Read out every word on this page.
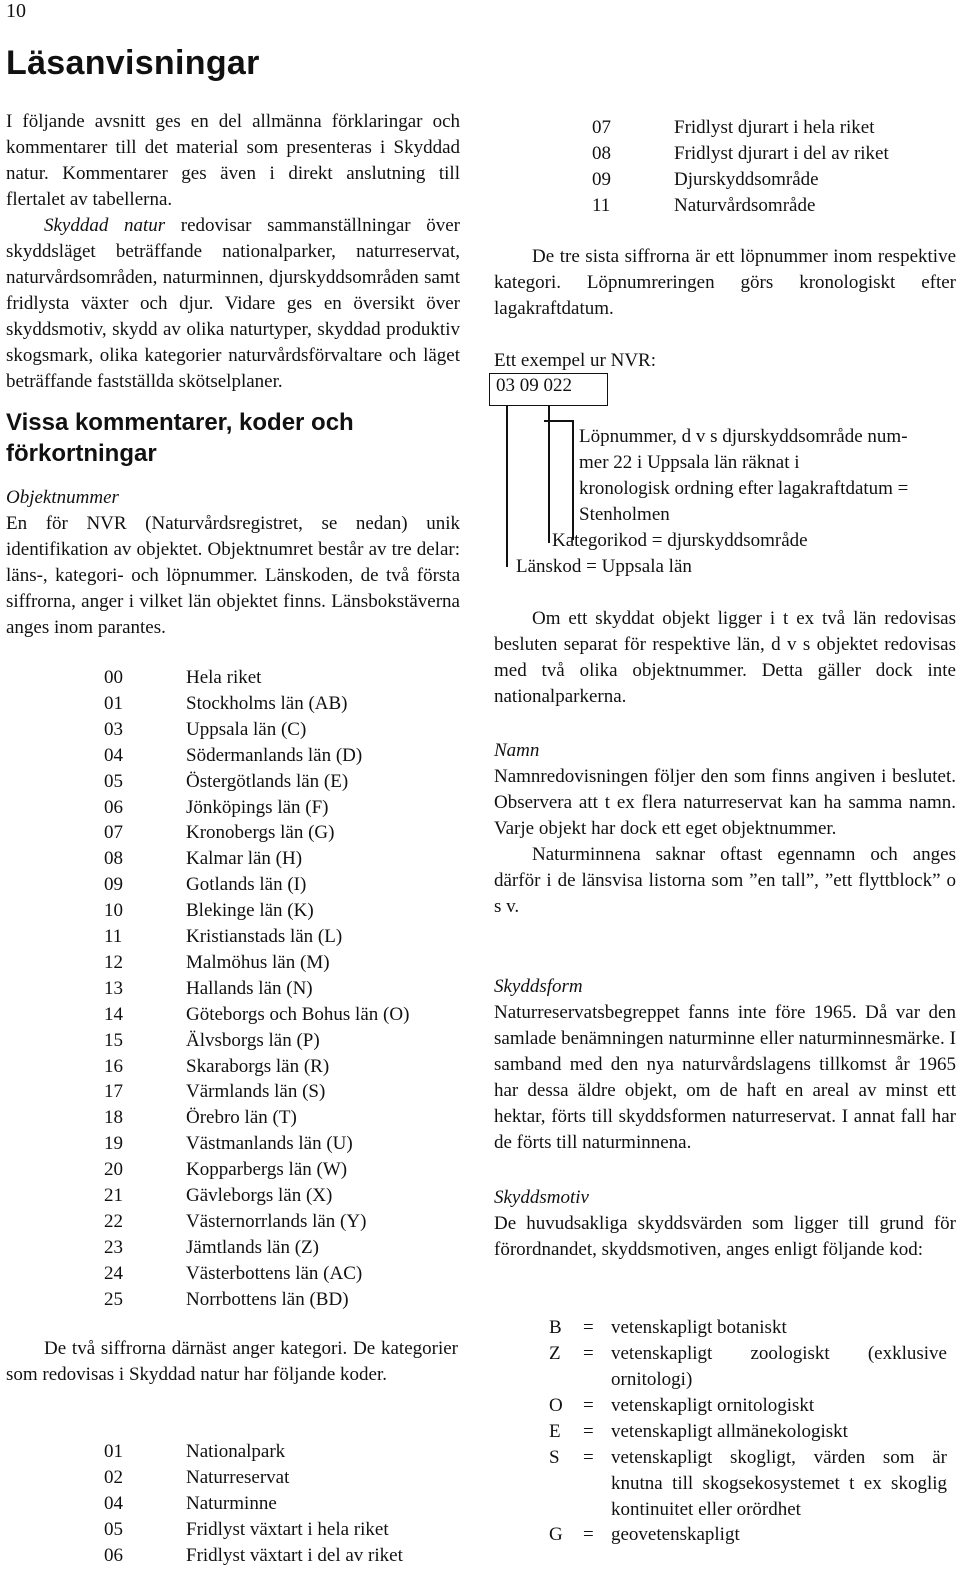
10
Läsanvisningar

I följande avsnitt ges en del allmänna förklaringar och kommentarer till det material som presenteras i Skyddad natur. Kommentarer ges även i direkt anslutning till flertalet av tabellerna.

Skyddad natur redovisar sammanställningar över skyddsläget beträffande nationalparker, naturreservat, naturvårdsområden, naturminnen, djurskyddsområden samt fridlysta växter och djur. Vidare ges en översikt över skyddsmotiv, skydd av olika naturtyper, skyddad produktiv skogsmark, olika kategorier naturvårdsförvaltare och läget beträffande fastställda skötselplaner.

Vissa kommentarer, koder och förkortningar

Objektnummer

En för NVR (Naturvårdsregistret, se nedan) unik identifikation av objektet. Objektnumret består av tre delar: läns-, kategori- och löpnummer. Länskoden, de två första siffrorna, anger i vilket län objektet finns. Länsbokstäverna anges inom parantes.

00	Hela riket
01	Stockholms län (AB)
03	Uppsala län (C)
04	Södermanlands län (D)
05	Östergötlands län (E)
06	Jönköpings län (F)
07	Kronobergs län (G)
08	Kalmar län (H)
09	Gotlands län (I)
10	Blekinge län (K)
11	Kristianstads län (L)
12	Malmöhus län (M)
13	Hallands län (N)
14	Göteborgs och Bohus län (O)
15	Älvsborgs län (P)
16	Skaraborgs län (R)
17	Värmlands län (S)
18	Örebro län (T)
19	Västmanlands län (U)
20	Kopparbergs län (W)
21	Gävleborgs län (X)
22	Västernorrlands län (Y)
23	Jämtlands län (Z)
24	Västerbottens län (AC)
25	Norrbottens län (BD)

De två siffrorna därnäst anger kategori. De kategorier som redovisas i Skyddad natur har följande koder.

01	Nationalpark
02	Naturreservat
04	Naturminne
05	Fridlyst växtart i hela riket
06	Fridlyst växtart i del av riket
07	Fridlyst djurart i hela riket
08	Fridlyst djurart i del av riket
09	Djurskyddsområde
11	Naturvårdsområde

De tre sista siffrorna är ett löpnummer inom respektive kategori. Löpnumreringen görs kronologiskt efter lagakraftdatum.

Ett exempel ur NVR:

03 09 022
Löpnummer, d v s djurskyddsområde num-
mer 22 i Uppsala län räknat i
kronologisk ordning efter lagakraftdatum =
Stenholmen
Kategorikod = djurskyddsområde
Länskod = Uppsala län

Om ett skyddat objekt ligger i t ex två län redovisas besluten separat för respektive län, d v s objektet redovisas med två olika objektnummer. Detta gäller dock inte nationalparkerna.

Namn

Namnredovisningen följer den som finns angiven i beslutet. Observera att t ex flera naturreservat kan ha samma namn. Varje objekt har dock ett eget objektnummer.

Naturminnena saknar oftast egennamn och anges därför i de länsvisa listorna som ”en tall”, ”ett flyttblock” o s v.

Skyddsform

Naturreservatsbegreppet fanns inte före 1965. Då var den samlade benämningen naturminne eller naturminnesmärke. I samband med den nya naturvårdslagens tillkomst år 1965 har dessa äldre objekt, om de haft en areal av minst ett hektar, förts till skyddsformen naturreservat. I annat fall har de förts till naturminnena.

Skyddsmotiv

De huvudsakliga skyddsvärden som ligger till grund för förordnandet, skyddsmotiven, anges enligt följande kod:

B	= vetenskapligt botaniskt
Z	= vetenskapligt zoologiskt (exklusive ornitologi)
O	= vetenskapligt ornitologiskt
E	= vetenskapligt allmänekologiskt
S	= vetenskapligt skogligt, värden som är knutna till skogsekosystemet t ex skoglig kontinuitet eller orördhet
G	= geovetenskapligt
